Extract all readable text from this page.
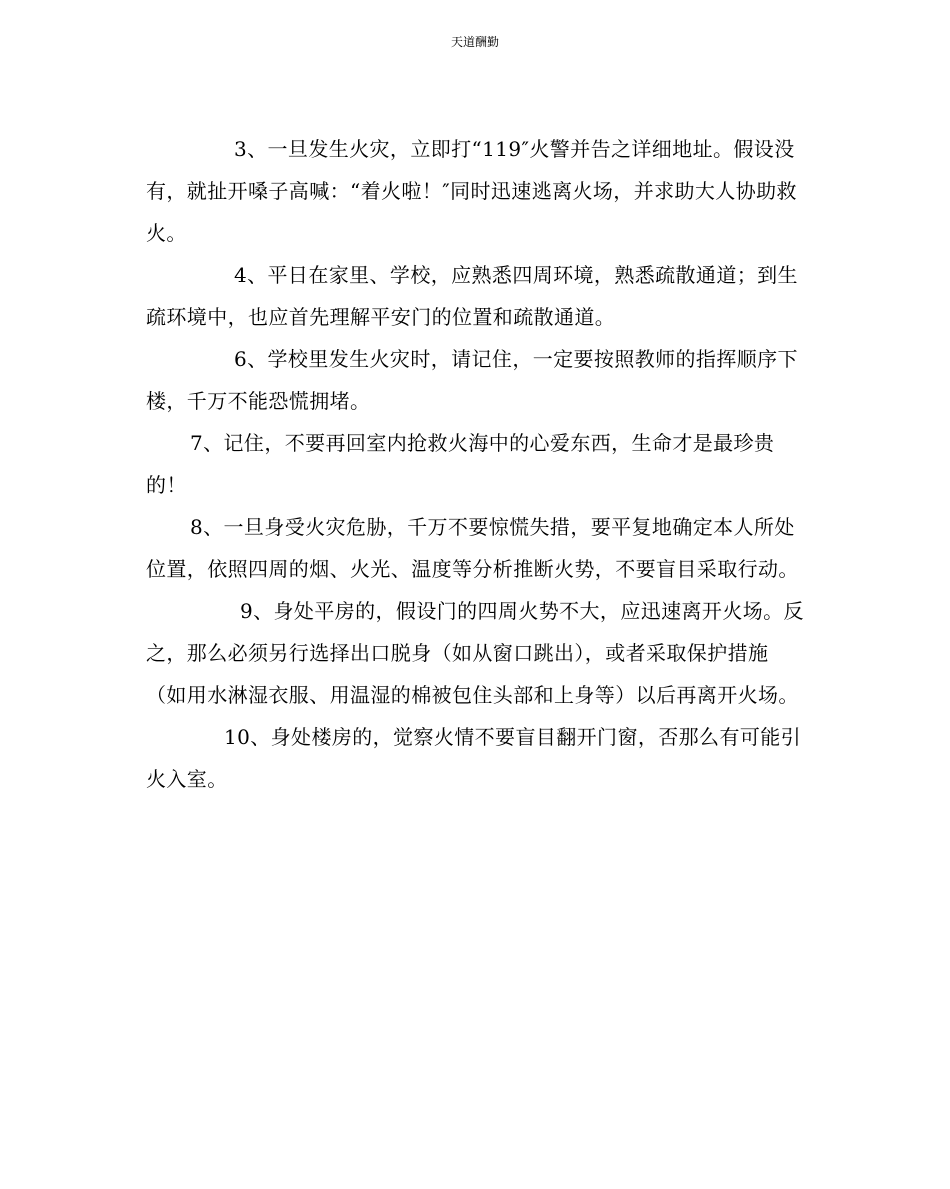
天道酬勤

3、一旦发生火灾，立即打“119″火警并告之详细地址。假设没有，就扯开嗓子高喊：“着火啦！″同时迅速逃离火场，并求助大人协助救火。

4、平日在家里、学校，应熟悉四周环境，熟悉疏散通道；到生疏环境中，也应首先理解平安门的位置和疏散通道。

6、学校里发生火灾时，请记住，一定要按照教师的指挥顺序下楼，千万不能恐慌拥堵。

7、记住，不要再回室内抢救火海中的心爱东西，生命才是最珍贵的！

8、一旦身受火灾危胁，千万不要惊慌失措，要平复地确定本人所处位置，依照四周的烟、火光、温度等分析推断火势，不要盲目采取行动。

9、身处平房的，假设门的四周火势不大，应迅速离开火场。反之，那么必须另行选择出口脱身（如从窗口跳出），或者采取保护措施（如用水淋湿衣服、用温湿的棉被包住头部和上身等）以后再离开火场。

10、身处楼房的，觉察火情不要盲目翻开门窗，否那么有可能引火入室。
